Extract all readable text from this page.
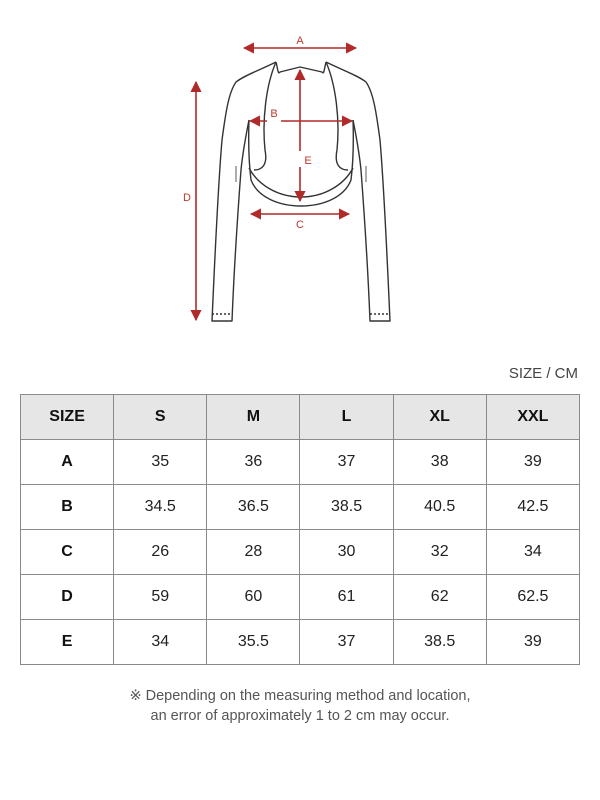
A
B
C
D
E
SIZE / CM
SIZE	S	M	L	XL	XXL
A	35	36	37	38	39
B	34.5	36.5	38.5	40.5	42.5
C	26	28	30	32	34
D	59	60	61	62	62.5
E	34	35.5	37	38.5	39
※ Depending on the measuring method and location,
an error of approximately 1 to 2 cm may occur.
